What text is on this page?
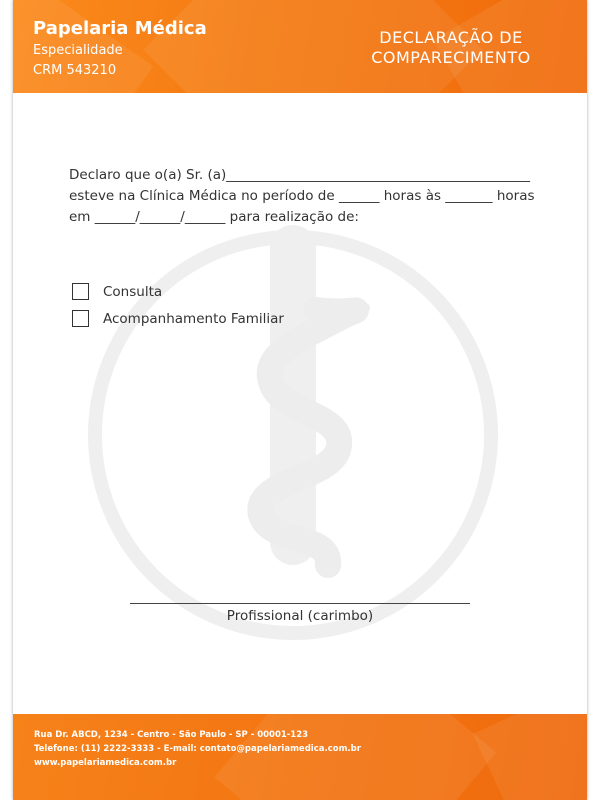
Papelaria Médica
Especialidade
CRM 543210
DECLARAÇÃO DE
COMPARECIMENTO
Declaro que o(a) Sr. (a)_____________________________________________
esteve na Clínica Médica no período de ______ horas às _______ horas
em ______/______/______ para realização de:
Consulta
Acompanhamento Familiar
Profissional (carimbo)
Rua Dr. ABCD, 1234 - Centro - São Paulo - SP - 00001-123
Telefone: (11) 2222-3333 - E-mail: contato@papelariamedica.com.br
www.papelariamedica.com.br
